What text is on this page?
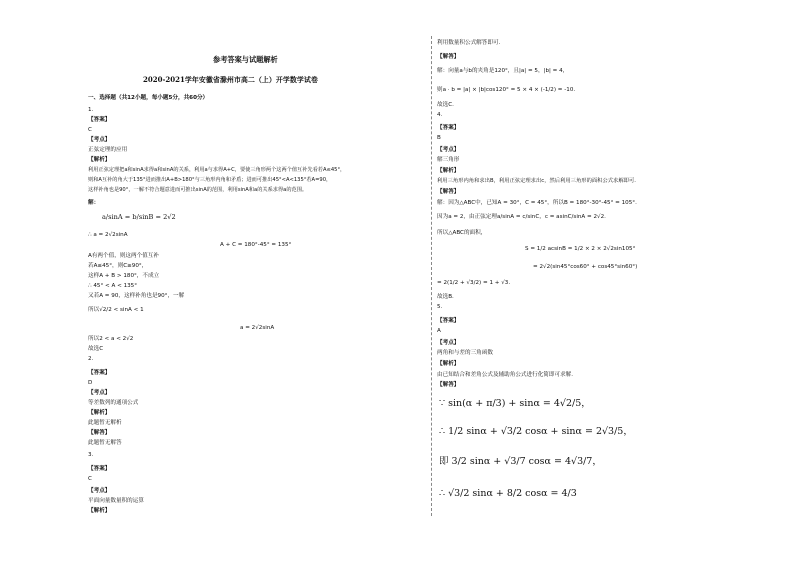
参考答案与试题解析
2020-2021学年安徽省滁州市高二（上）开学数学试卷
一、选择题（共12小题，每小题5分，共60分）
1.
【答案】
C
【考点】
正弦定理的应用
【解析】
利用正弦定理把a和sinA求得a和sinA的关系，利用a与求得A+C，要使三角形两个这两个值互补先看若A≤45°，
则和A互补的角大于135°进而推出A+B>180°与三角形内角和矛盾；进而可推出45°<A<135°若A=90，
这样补角也是90°，一解不符合题意进而可推出sinA的范围，利用sinA和a的关系求得a的范围。
解：
a/sinA = b/sinB = 2√2
∴ a = 2√2sinA
A + C = 180°-45° = 135°
A有两个值，则这两个值互补
若A≤45°，则C≥90°，
这样A + B > 180°，不成立
∴ 45° < A < 135°
又若A = 90，这样补角也是90°，一解
所以√2/2 < sinA < 1
a = 2√2sinA
所以2 < a < 2√2
故选C
2.
【答案】
D
【考点】
等差数列的通项公式
【解析】
此题暂无解析
【解答】
此题暂无解答
3.
【答案】
C
【考点】
平面向量数量积的运算
【解析】
利用数量积公式解答即可.
【解答】
解：向量a与b的夹角是120°，且|a| = 5，|b| = 4，
则a · b = |a| × |b|cos120° = 5 × 4 × (-1/2) = -10.
故选C.
4.
【答案】
B
【考点】
解三角形
【解析】
利用三角形内角和求出B，利用正弦定理求出c，然后利用三角形的面积公式求解即可.
【解答】
解：因为△ABC中，已知A = 30°，C = 45°，所以B = 180°-30°-45° = 105°.
因为a = 2，由正弦定理a/sinA = c/sinC，c = asinC/sinA = 2√2.
所以△ABC的面积，
S = 1/2 acsinB = 1/2 × 2 × 2√2sin105°
= 2√2(sin45°cos60° + cos45°sin60°)
= 2(1/2 + √3/2) = 1 + √3.
故选B.
5.
【答案】
A
【考点】
两角和与差的三角函数
【解析】
由已知结合和差角公式及辅助角公式进行化简即可求解.
【解答】
∵ sin(α + π/3) + sinα = 4√2/5，
∴ 1/2 sinα + √3/2 cosα + sinα = 2√3/5，
即 3/2 sinα + √3/7 cosα = 4√3/7，
∴ √3/2 sinα + 8/2 cosα = 4/3
